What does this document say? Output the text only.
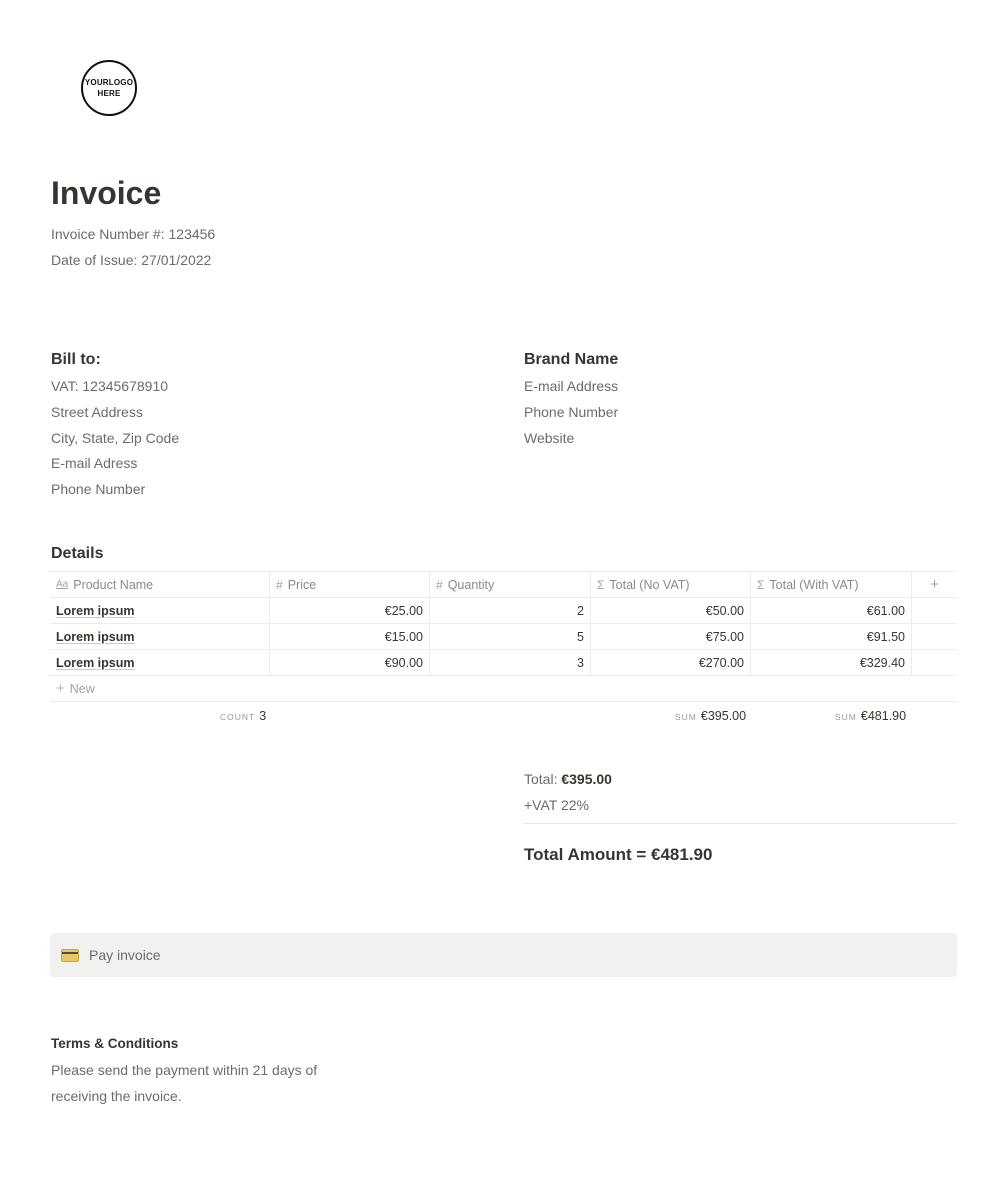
YOURLOGO
HERE
Invoice
Invoice Number #: 123456
Date of Issue: 27/01/2022
Bill to:
VAT: 12345678910
Street Address
City, State, Zip Code
E-mail Adress
Phone Number
Brand Name
E-mail Address
Phone Number
Website
Details
Aa Product Name	# Price	# Quantity	Σ Total (No VAT)	Σ Total (With VAT)	+
Lorem ipsum	€25.00	2	€50.00	€61.00
Lorem ipsum	€15.00	5	€75.00	€91.50
Lorem ipsum	€90.00	3	€270.00	€329.40
+ New
COUNT 3	SUM €395.00	SUM €481.90
Total: €395.00
+VAT 22%
Total Amount = €481.90
Pay invoice
Terms & Conditions
Please send the payment within 21 days of
receiving the invoice.
